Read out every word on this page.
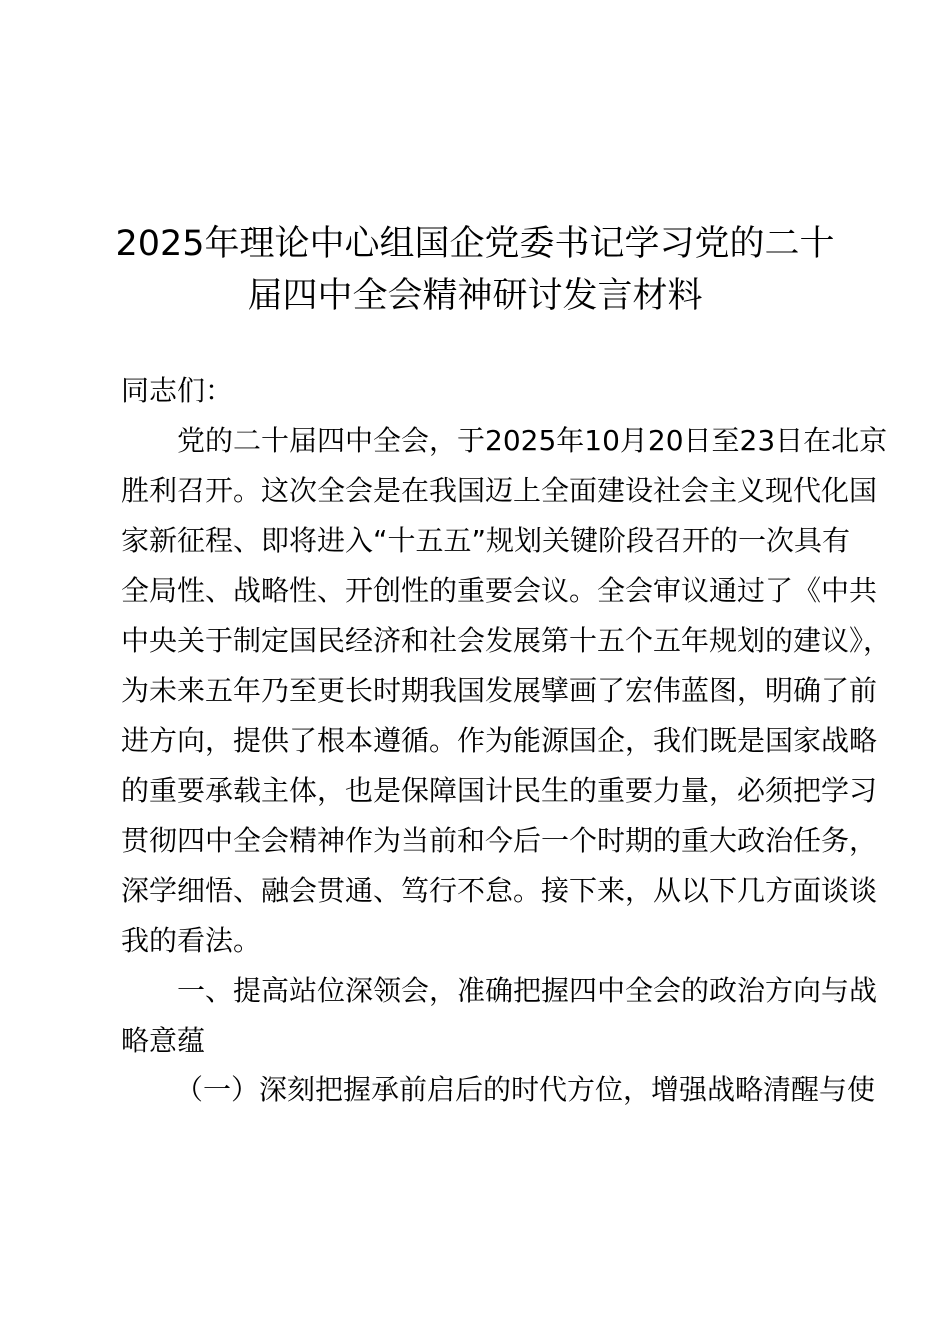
2025年理论中心组国企党委书记学习党的二十
届四中全会精神研讨发言材料
同志们：
党的二十届四中全会，于2025年10月20日至23日在北京
胜利召开。这次全会是在我国迈上全面建设社会主义现代化国
家新征程、即将进入“十五五”规划关键阶段召开的一次具有
全局性、战略性、开创性的重要会议。全会审议通过了《中共
中央关于制定国民经济和社会发展第十五个五年规划的建议》，
为未来五年乃至更长时期我国发展擘画了宏伟蓝图，明确了前
进方向，提供了根本遵循。作为能源国企，我们既是国家战略
的重要承载主体，也是保障国计民生的重要力量，必须把学习
贯彻四中全会精神作为当前和今后一个时期的重大政治任务，
深学细悟、融会贯通、笃行不怠。接下来，从以下几方面谈谈
我的看法。
一、提高站位深领会，准确把握四中全会的政治方向与战
略意蕴
（一）深刻把握承前启后的时代方位，增强战略清醒与使
